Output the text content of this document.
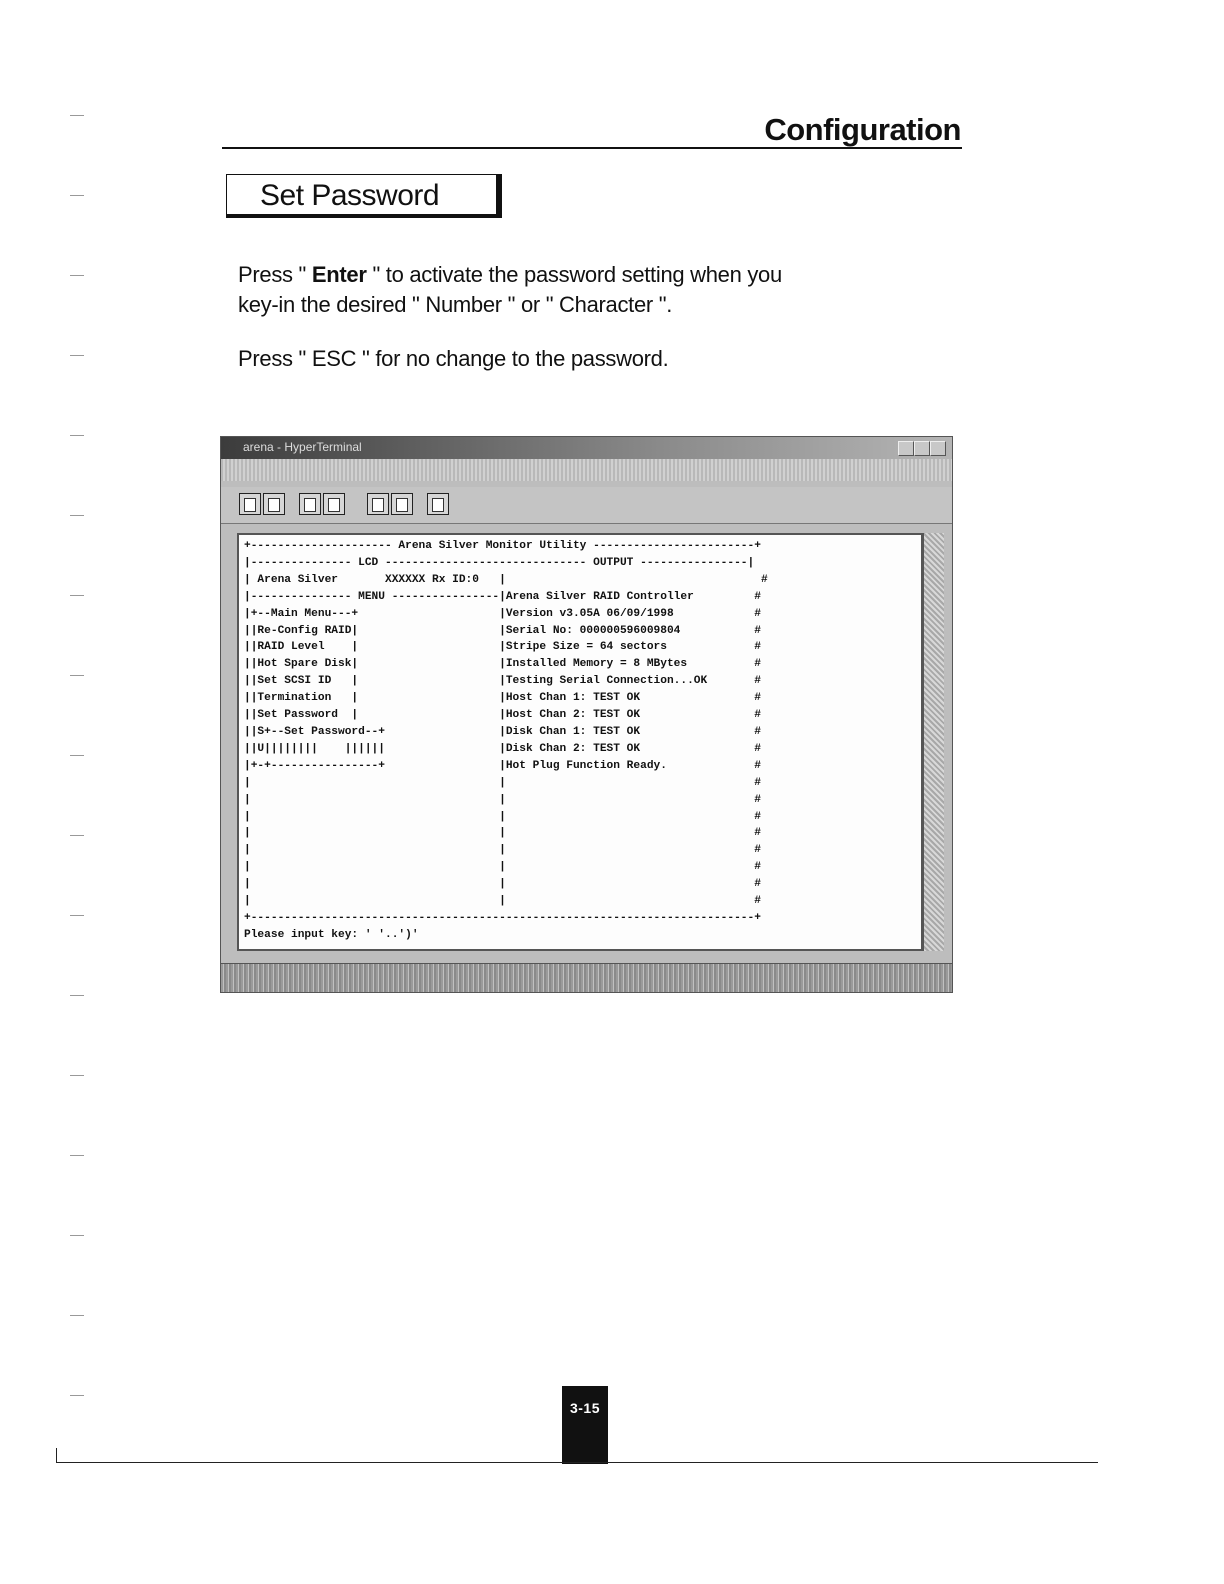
Configuration
Set Password
Press " Enter " to activate the password setting when you
key-in the desired " Number " or " Character ".
Press " ESC " for no change to the password.
arena - HyperTerminal
+--------------------- Arena Silver Monitor Utility ------------------------+
|--------------- LCD ------------------------------ OUTPUT ----------------|
| Arena Silver       XXXXXX Rx ID:0   |                                      #
|--------------- MENU ----------------|Arena Silver RAID Controller         #
|+--Main Menu---+                     |Version v3.05A 06/09/1998            #
||Re-Config RAID|                     |Serial No: 000000596009804           #
||RAID Level    |                     |Stripe Size = 64 sectors             #
||Hot Spare Disk|                     |Installed Memory = 8 MBytes          #
||Set SCSI ID   |                     |Testing Serial Connection...OK       #
||Termination   |                     |Host Chan 1: TEST OK                 #
||Set Password  |                     |Host Chan 2: TEST OK                 #
||S+--Set Password--+                 |Disk Chan 1: TEST OK                 #
||U||||||||    ||||||                 |Disk Chan 2: TEST OK                 #
|+-+----------------+                 |Hot Plug Function Ready.             #
|                                     |                                     #
|                                     |                                     #
|                                     |                                     #
|                                     |                                     #
|                                     |                                     #
|                                     |                                     #
|                                     |                                     #
|                                     |                                     #
+---------------------------------------------------------------------------+
Please input key: ' '..')'

3-15
